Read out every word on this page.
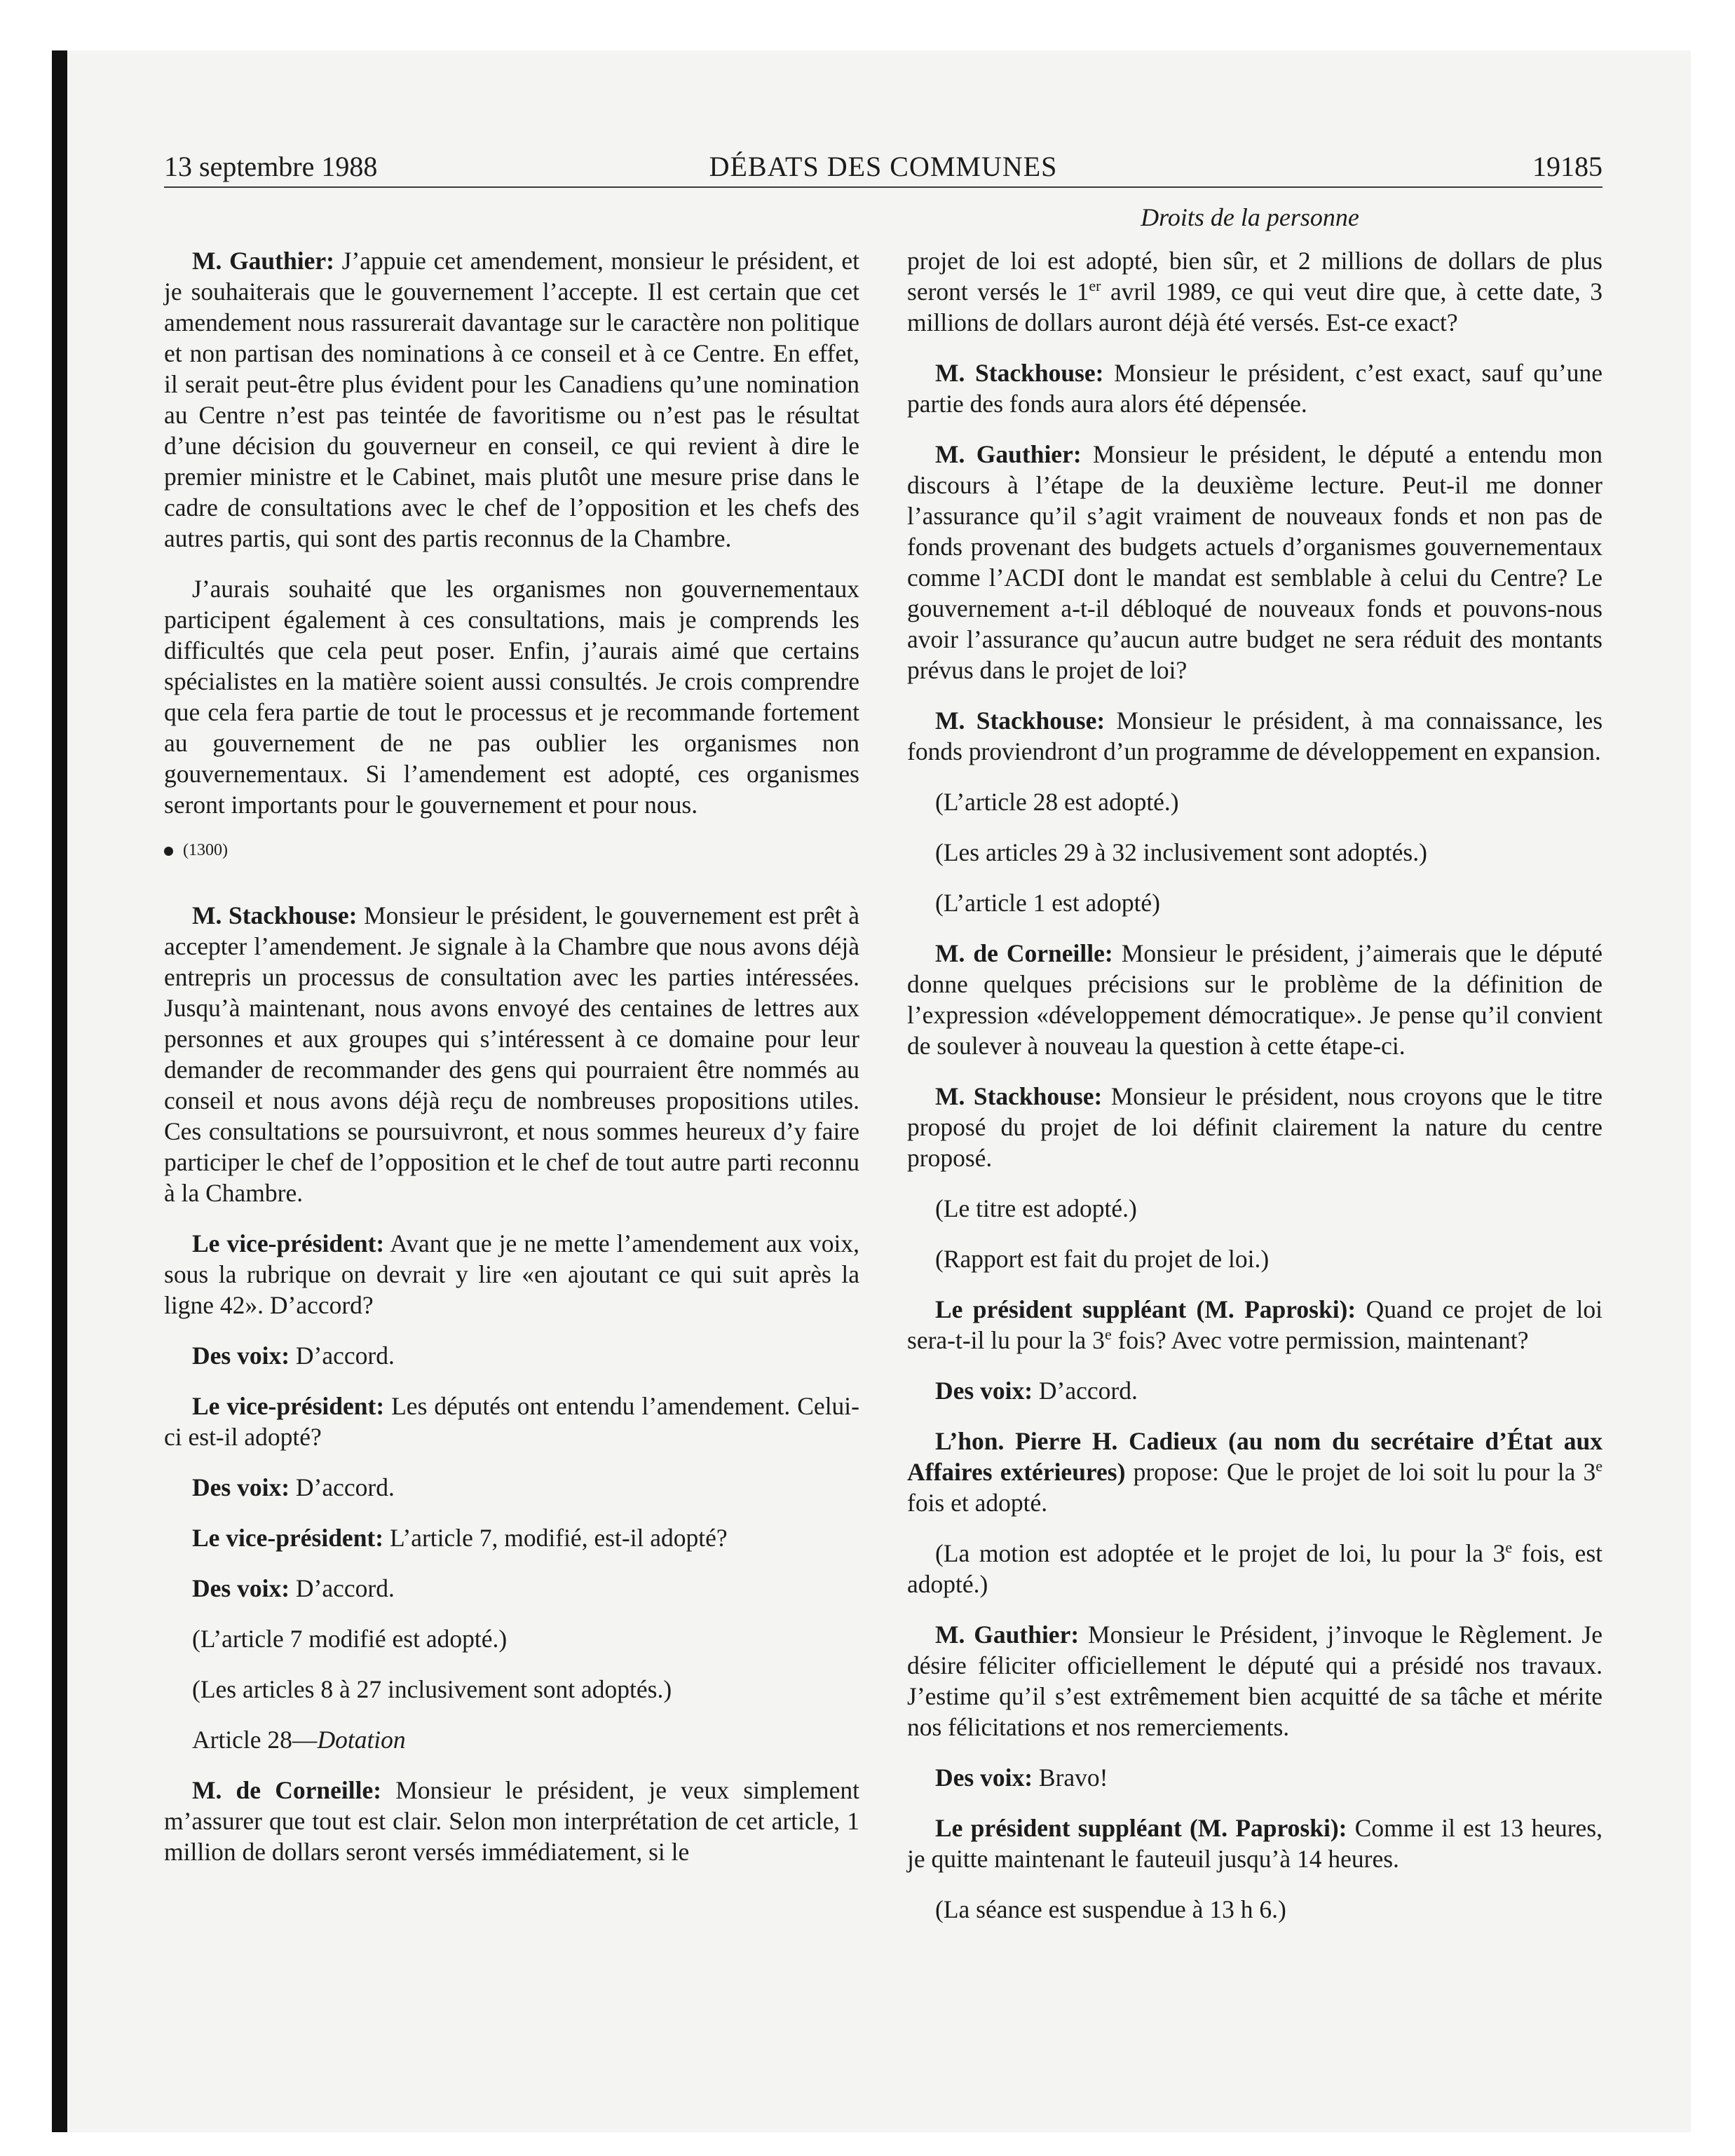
13 septembre 1988	DÉBATS DES COMMUNES	19185
Droits de la personne

M. Gauthier: J’appuie cet amendement, monsieur le président, et je souhaiterais que le gouvernement l’accepte. Il est certain que cet amendement nous rassurerait davantage sur le caractère non politique et non partisan des nominations à ce conseil et à ce Centre. En effet, il serait peut-être plus évident pour les Canadiens qu’une nomination au Centre n’est pas teintée de favoritisme ou n’est pas le résultat d’une décision du gouverneur en conseil, ce qui revient à dire le premier ministre et le Cabinet, mais plutôt une mesure prise dans le cadre de consultations avec le chef de l’opposition et les chefs des autres partis, qui sont des partis reconnus de la Chambre.

J’aurais souhaité que les organismes non gouvernementaux participent également à ces consultations, mais je comprends les difficultés que cela peut poser. Enfin, j’aurais aimé que certains spécialistes en la matière soient aussi consultés. Je crois comprendre que cela fera partie de tout le processus et je recommande fortement au gouvernement de ne pas oublier les organismes non gouvernementaux. Si l’amendement est adopté, ces organismes seront importants pour le gouvernement et pour nous.

(1300)

M. Stackhouse: Monsieur le président, le gouvernement est prêt à accepter l’amendement. Je signale à la Chambre que nous avons déjà entrepris un processus de consultation avec les parties intéressées. Jusqu’à maintenant, nous avons envoyé des centaines de lettres aux personnes et aux groupes qui s’intéressent à ce domaine pour leur demander de recommander des gens qui pourraient être nommés au conseil et nous avons déjà reçu de nombreuses propositions utiles. Ces consultations se poursuivront, et nous sommes heureux d’y faire participer le chef de l’opposition et le chef de tout autre parti reconnu à la Chambre.

Le vice-président: Avant que je ne mette l’amendement aux voix, sous la rubrique on devrait y lire «en ajoutant ce qui suit après la ligne 42». D’accord?

Des voix: D’accord.

Le vice-président: Les députés ont entendu l’amendement. Celui-ci est-il adopté?

Des voix: D’accord.

Le vice-président: L’article 7, modifié, est-il adopté?

Des voix: D’accord.

(L’article 7 modifié est adopté.)

(Les articles 8 à 27 inclusivement sont adoptés.)

Article 28—Dotation

M. de Corneille: Monsieur le président, je veux simplement m’assurer que tout est clair. Selon mon interprétation de cet article, 1 million de dollars seront versés immédiatement, si le

projet de loi est adopté, bien sûr, et 2 millions de dollars de plus seront versés le 1er avril 1989, ce qui veut dire que, à cette date, 3 millions de dollars auront déjà été versés. Est-ce exact?

M. Stackhouse: Monsieur le président, c’est exact, sauf qu’une partie des fonds aura alors été dépensée.

M. Gauthier: Monsieur le président, le député a entendu mon discours à l’étape de la deuxième lecture. Peut-il me donner l’assurance qu’il s’agit vraiment de nouveaux fonds et non pas de fonds provenant des budgets actuels d’organismes gouvernementaux comme l’ACDI dont le mandat est semblable à celui du Centre? Le gouvernement a-t-il débloqué de nouveaux fonds et pouvons-nous avoir l’assurance qu’aucun autre budget ne sera réduit des montants prévus dans le projet de loi?

M. Stackhouse: Monsieur le président, à ma connaissance, les fonds proviendront d’un programme de développement en expansion.

(L’article 28 est adopté.)

(Les articles 29 à 32 inclusivement sont adoptés.)

(L’article 1 est adopté)

M. de Corneille: Monsieur le président, j’aimerais que le député donne quelques précisions sur le problème de la définition de l’expression «développement démocratique». Je pense qu’il convient de soulever à nouveau la question à cette étape-ci.

M. Stackhouse: Monsieur le président, nous croyons que le titre proposé du projet de loi définit clairement la nature du centre proposé.

(Le titre est adopté.)

(Rapport est fait du projet de loi.)

Le président suppléant (M. Paproski): Quand ce projet de loi sera-t-il lu pour la 3e fois? Avec votre permission, maintenant?

Des voix: D’accord.

L’hon. Pierre H. Cadieux (au nom du secrétaire d’État aux Affaires extérieures) propose: Que le projet de loi soit lu pour la 3e fois et adopté.

(La motion est adoptée et le projet de loi, lu pour la 3e fois, est adopté.)

M. Gauthier: Monsieur le Président, j’invoque le Règlement. Je désire féliciter officiellement le député qui a présidé nos travaux. J’estime qu’il s’est extrêmement bien acquitté de sa tâche et mérite nos félicitations et nos remerciements.

Des voix: Bravo!

Le président suppléant (M. Paproski): Comme il est 13 heures, je quitte maintenant le fauteuil jusqu’à 14 heures.

(La séance est suspendue à 13 h 6.)
